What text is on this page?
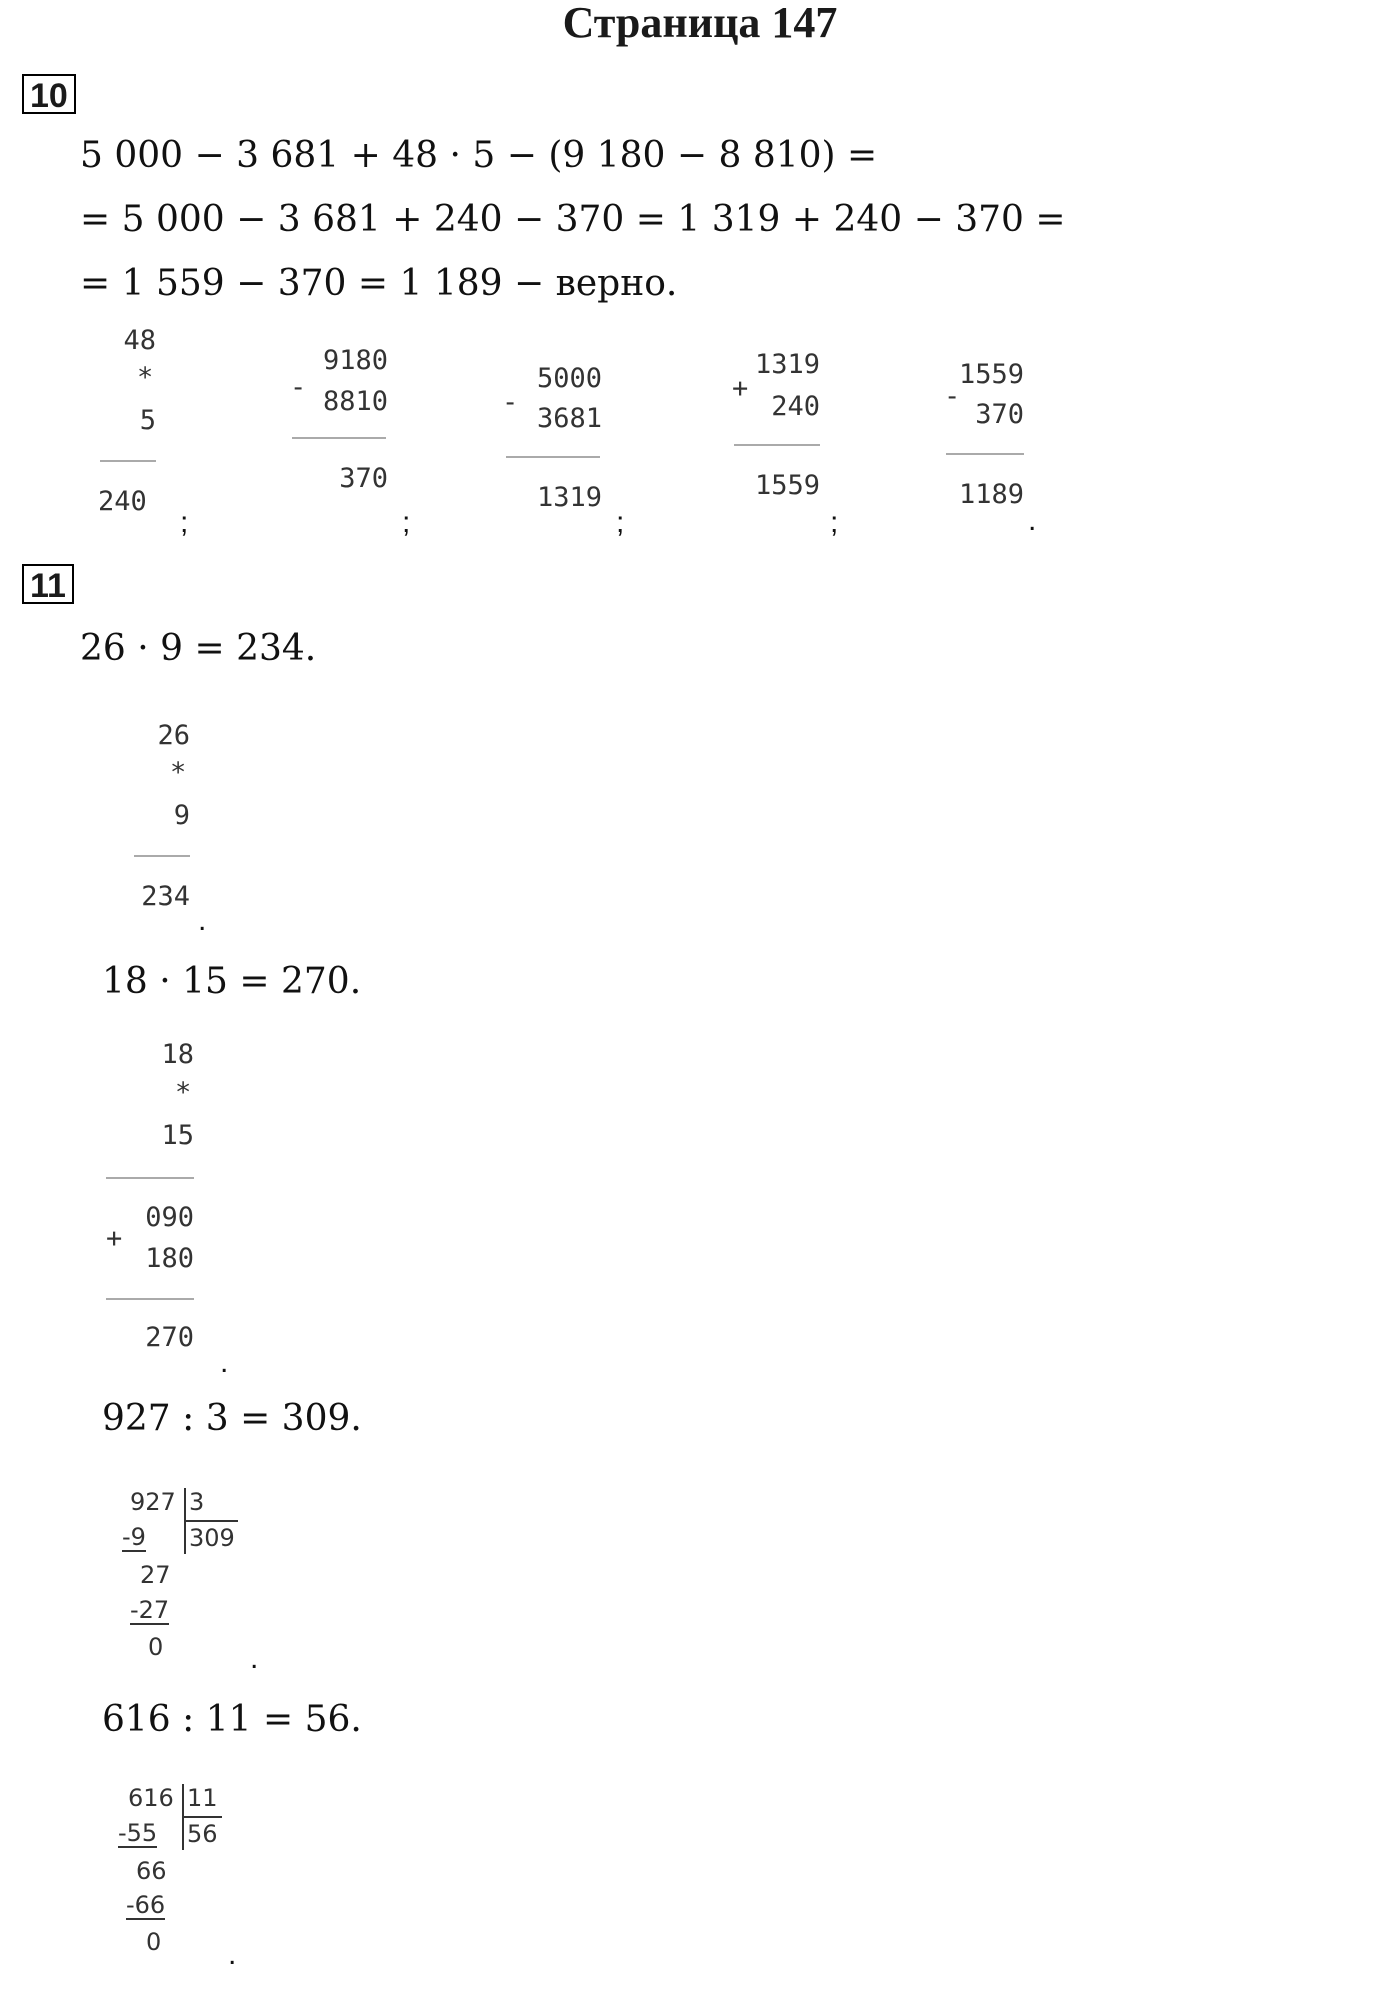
Страница 147
10
5 000 − 3 681 + 48 · 5 − (9 180 − 8 810) =
= 5 000 − 3 681 + 240 − 370 = 1 319 + 240 − 370 =
= 1 559 − 370 = 1 189 − верно.
48
*
5
240
;
-
9180
8810
370
;
-
5000
3681
1319
;
+
1319
240
1559
;
-
1559
370
1189
.
11
26 · 9 = 234.
26
*
9
234
.
18 · 15 = 270.
18
*
15
090
+
180
270
.
927 : 3 = 309.
927 3
309
-9
27
-27
0	.
616 : 11 = 56.
616 11
56
-55
66
-66
0 .
